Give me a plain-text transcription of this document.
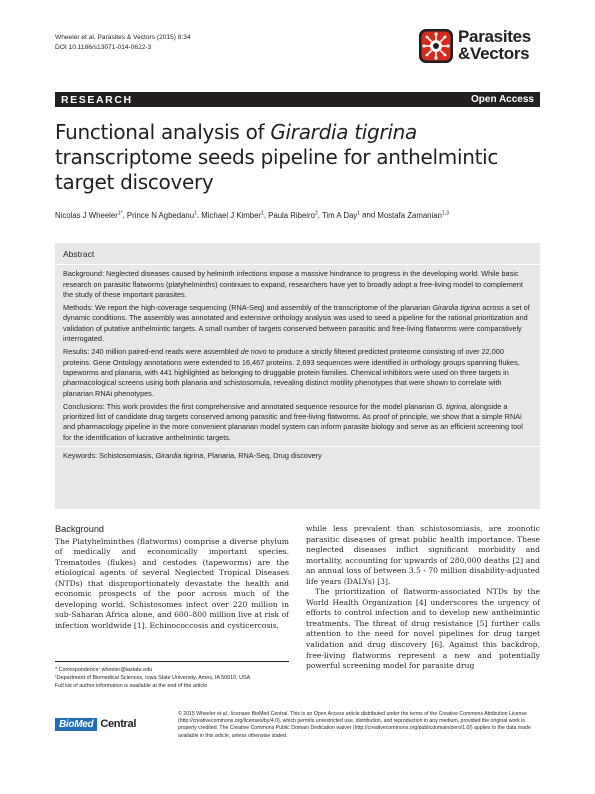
Wheeler et al. Parasites & Vectors (2015) 8:34
DOI 10.1186/s13071-014-0622-3
Parasites
&Vectors
RESEARCH	Open Access
Functional analysis of Girardia tigrina transcriptome seeds pipeline for anthelmintic target discovery
Nicolas J Wheeler$^{1*}$, Prince N Agbedanu$^1$, Michael J Kimber$^1$, Paula Ribeiro$^2$, Tim A Day$^1$ and Mostafa Zamanian$^{1,3}$
Abstract
Background: Neglected diseases caused by helminth infections impose a massive hindrance to progress in the developing world. While basic research on parasitic flatworms (platyhelminths) continues to expand, researchers have yet to broadly adopt a free-living model to complement the study of these important parasites.
Methods: We report the high-coverage sequencing (RNA-Seq) and assembly of the transcriptome of the planarian Girardia tigrina across a set of dynamic conditions. The assembly was annotated and extensive orthology analysis was used to seed a pipeline for the rational prioritization and validation of putative anthelmintic targets. A small number of targets conserved between parasitic and free-living flatworms were comparatively interrogated.
Results: 240 million paired-end reads were assembled de novo to produce a strictly filtered predicted proteome consisting of over 22,000 proteins. Gene Ontology annotations were extended to 16,467 proteins. 2,693 sequences were identified in orthology groups spanning flukes, tapeworms and planaria, with 441 highlighted as belonging to druggable protein families. Chemical inhibitors were used on three targets in pharmacological screens using both planaria and schistosomula, revealing distinct motility phenotypes that were shown to correlate with planarian RNAi phenotypes.
Conclusions: This work provides the first comprehensive and annotated sequence resource for the model planarian G. tigrina, alongside a prioritized list of candidate drug targets conserved among parasitic and free-living flatworms. As proof of principle, we show that a simple RNAi and pharmacology pipeline in the more convenient planarian model system can inform parasite biology and serve as an efficient screening tool for the identification of lucrative anthelmintic targets.
Keywords: Schistosomiasis, Girardia tigrina, Planaria, RNA-Seq, Drug discovery
Background

The Platyhelminthes (flatworms) comprise a diverse phylum of medically and economically important species. Trematodes (flukes) and cestodes (tapeworms) are the etiological agents of several Neglected Tropical Diseases (NTDs) that disproportionately devastate the health and economic prospects of the poor across much of the developing world. Schistosomes infect over 220 million in sub-Saharan Africa alone, and 600–800 million live at risk of infection worldwide [1]. Echinococcosis and cysticercosis,

while less prevalent than schistosomiasis, are zoonotic parasitic diseases of great public health importance. These neglected diseases inflict significant morbidity and mortality, accounting for upwards of 280,000 deaths [2] and an annual loss of between 3.5 - 70 million disability-adjusted life years (DALYs) [3].

The prioritization of flatworm-associated NTDs by the World Health Organization [4] underscores the urgency of efforts to control infection and to develop new anthelmintic treatments. The threat of drug resistance [5] further calls attention to the need for novel pipelines for drug target validation and drug discovery [6]. Against this backdrop, free-living flatworms represent a new and potentially powerful screening model for parasite drug

* Correspondence: wheeler@iastate.edu
¹Department of Biomedical Sciences, Iowa State University, Ames, IA 50010, USA
Full list of author information is available at the end of the article
BioMed Central
© 2015 Wheeler et al.; licensee BioMed Central. This is an Open Access article distributed under the terms of the Creative Commons Attribution License (http://creativecommons.org/licenses/by/4.0), which permits unrestricted use, distribution, and reproduction in any medium, provided the original work is properly credited. The Creative Commons Public Domain Dedication waiver (http://creativecommons.org/publicdomain/zero/1.0/) applies to the data made available in this article, unless otherwise stated.
